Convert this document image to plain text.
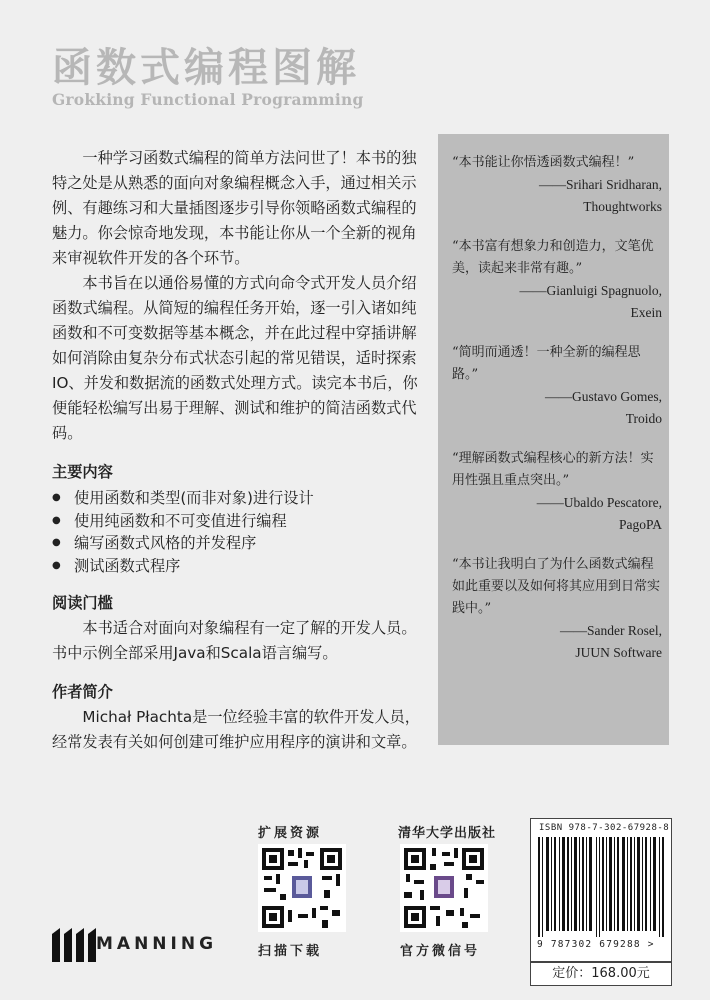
函数式编程图解
Grokking Functional Programming

一种学习函数式编程的简单方法问世了！本书的独特之处是从熟悉的面向对象编程概念入手，通过相关示例、有趣练习和大量插图逐步引导你领略函数式编程的魅力。你会惊奇地发现，本书能让你从一个全新的视角来审视软件开发的各个环节。

本书旨在以通俗易懂的方式向命令式开发人员介绍函数式编程。从简短的编程任务开始，逐一引入诸如纯函数和不可变数据等基本概念，并在此过程中穿插讲解如何消除由复杂分布式状态引起的常见错误，适时探索IO、并发和数据流的函数式处理方式。读完本书后，你便能轻松编写出易于理解、测试和维护的简洁函数式代码。

主要内容
● 使用函数和类型(而非对象)进行设计
● 使用纯函数和不可变值进行编程
● 编写函数式风格的并发程序
● 测试函数式程序
阅读门槛

本书适合对面向对象编程有一定了解的开发人员。书中示例全部采用Java和Scala语言编写。

作者简介

Michał Płachta是一位经验丰富的软件开发人员，经常发表有关如何创建可维护应用程序的演讲和文章。

“本书能让你悟透函数式编程！”

——Srihari Sridharan,

Thoughtworks

“本书富有想象力和创造力，文笔优美，读起来非常有趣。”

——Gianluigi Spagnuolo,

Exein

“简明而通透！一种全新的编程思路。”

——Gustavo Gomes,

Troido

“理解函数式编程核心的新方法！实用性强且重点突出。”

——Ubaldo Pescatore,

PagoPA

“本书让我明白了为什么函数式编程如此重要以及如何将其应用到日常实践中。”

——Sander Rosel,

JUUN Software

扩展资源
扫描下载
清华大学出版社
官方微信号
MANNING
ISBN 978-7-302-67928-8
9 787302 679288 >
定价：168.00元
